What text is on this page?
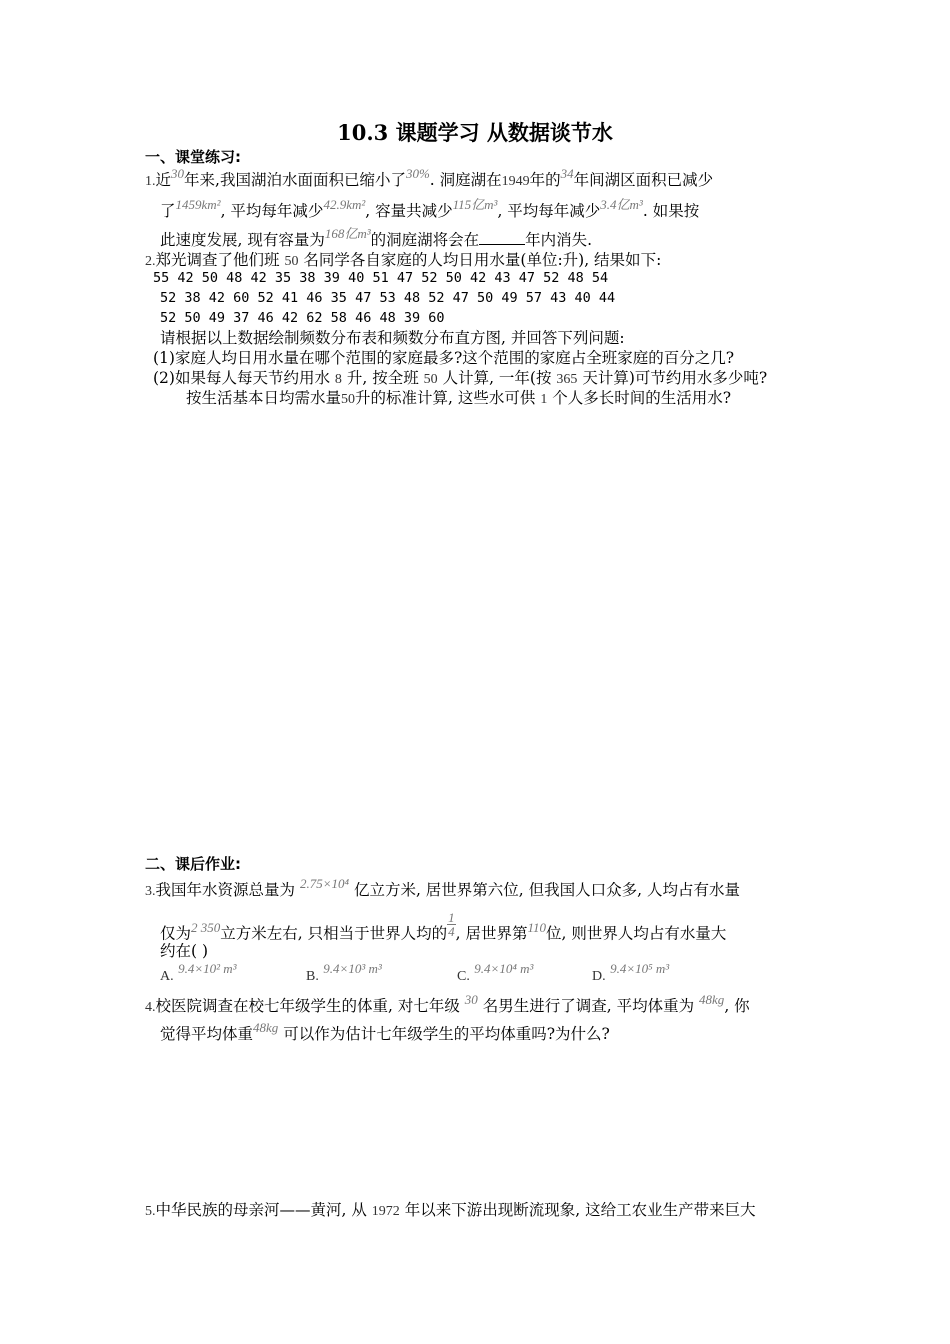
10.3 课题学习 从数据谈节水
一、课堂练习:
1.近$^{30}$年来,我国湖泊水面面积已缩小了$^{30\%}$. 洞庭湖在1949年的$^{34}$年间湖区面积已减少
了$^{1459km^2}$, 平均每年减少$^{42.9km^2}$, 容量共减少$^{115亿m^3}$, 平均每年减少$^{3.4亿m^3}$. 如果按
此速度发展, 现有容量为$^{168亿m^3}$的洞庭湖将会在	年内消失.
2.郑光调查了他们班 50 名同学各自家庭的人均日用水量(单位:升), 结果如下:
55 42 50 48 42 35 38 39 40 51 47 52 50 42 43 47 52 48 54
52 38 42 60 52 41 46 35 47 53 48 52 47 50 49 57 43 40 44
52 50 49 37 46 42 62 58 46 48 39 60
请根据以上数据绘制频数分布表和频数分布直方图, 并回答下列问题:
(1)家庭人均日用水量在哪个范围的家庭最多?这个范围的家庭占全班家庭的百分之几?
(2)如果每人每天节约用水 8 升, 按全班 50 人计算, 一年(按 365 天计算)可节约用水多少吨?
按生活基本日均需水量50升的标准计算, 这些水可供 1 个人多长时间的生活用水?
二、课后作业:
3.我国年水资源总量为 $^{2.75\times 10^4}$ 亿立方米, 居世界第六位, 但我国人口众多, 人均占有水量
仅为$^{2 350}$立方米左右, 只相当于世界人均的 $\frac{1}{4}$ , 居世界第$^{110}$位, 则世界人均占有水量大
约在( )
A. 9.4×10² m³
B. 9.4×10³ m³
C. 9.4×10⁴ m³
D. 9.4×10⁵ m³
4.校医院调查在校七年级学生的体重, 对七年级 $^{30}$ 名男生进行了调查, 平均体重为 $^{48kg}$, 你
觉得平均体重$^{48kg}$ 可以作为估计七年级学生的平均体重吗?为什么?
5.中华民族的母亲河——黄河, 从 1972 年以来下游出现断流现象, 这给工农业生产带来巨大
